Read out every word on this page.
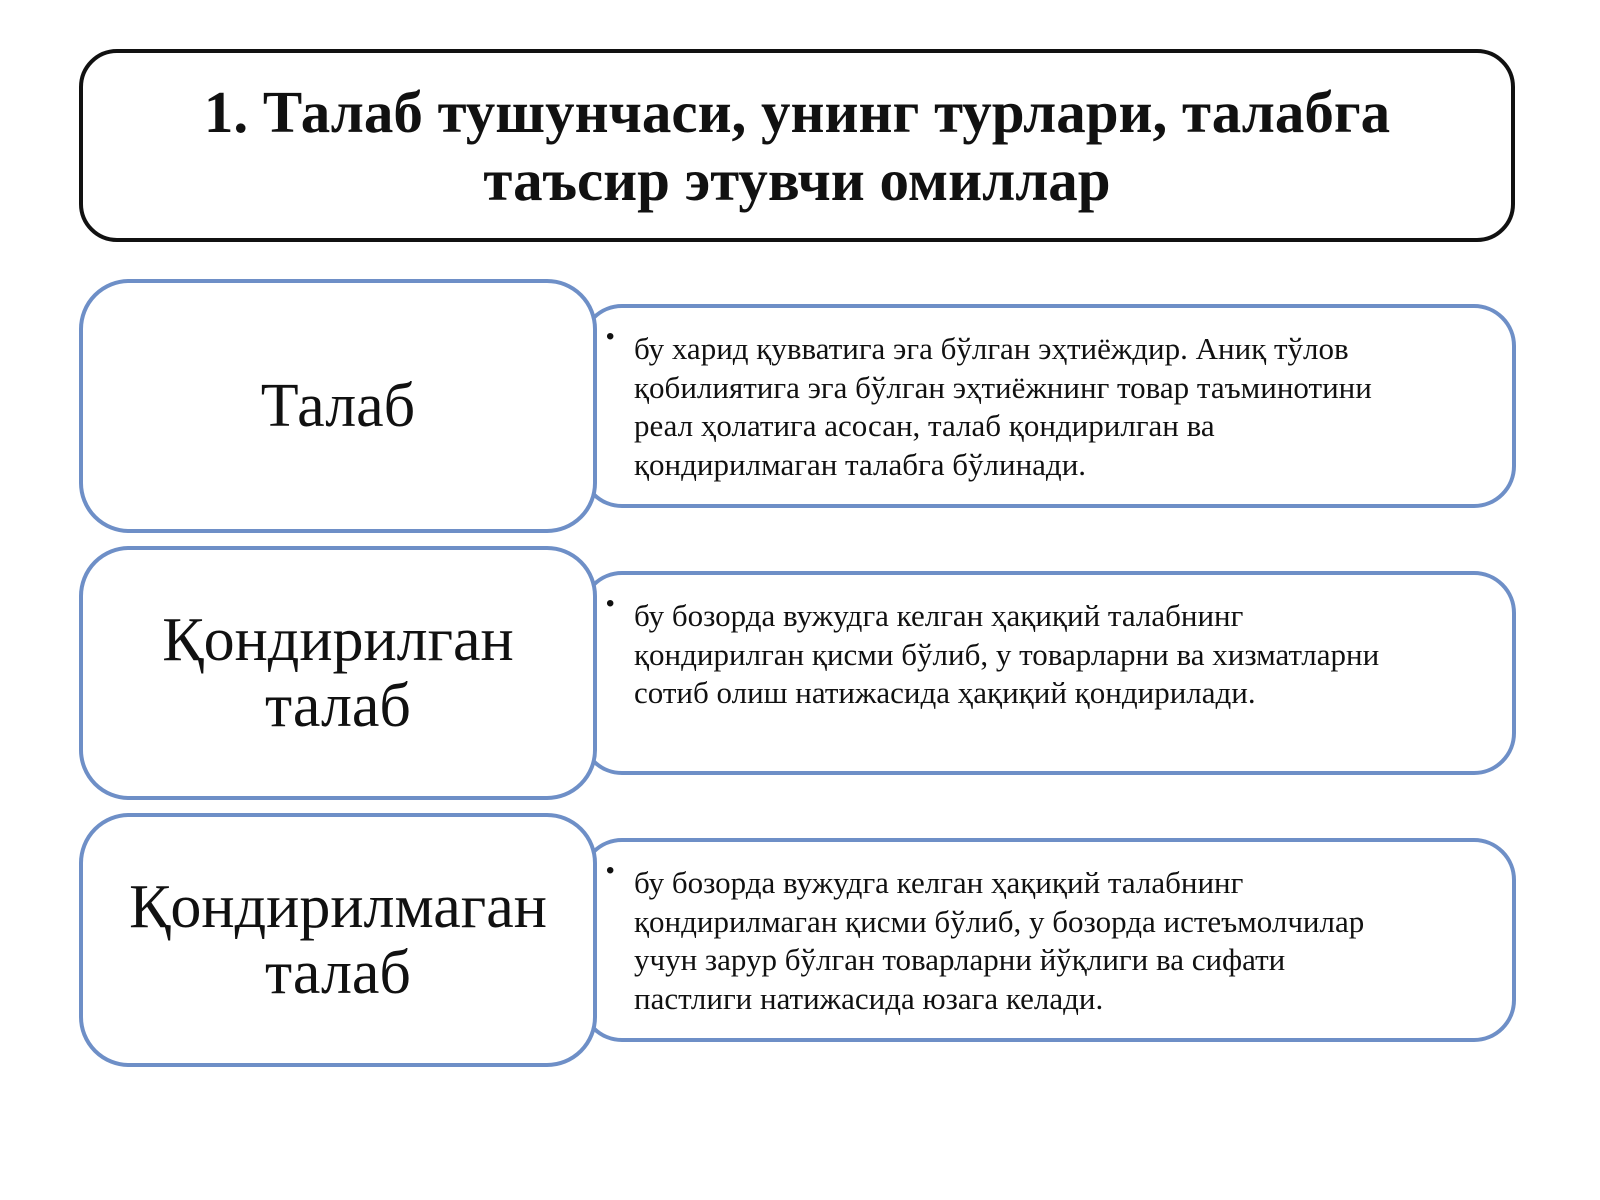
1. Талаб тушунчаси, унинг турлари, талабга таъсир этувчи омиллар
• бу харид қувватига эга бўлган эҳтиёждир. Аниқ тўлов
қобилиятига эга бўлган эҳтиёжнинг товар таъминотини
реал ҳолатига асосан, талаб қондирилган ва
қондирилмаган талабга бўлинади.
Талаб
• бу бозорда вужудга келган ҳақиқий талабнинг
қондирилган қисми бўлиб, у товарларни ва хизматларни
сотиб олиш натижасида ҳақиқий қондирилади.
Қондирилган
талаб
• бу бозорда вужудга келган ҳақиқий талабнинг
қондирилмаган қисми бўлиб, у бозорда истеъмолчилар
учун зарур бўлган товарларни йўқлиги ва сифати
пастлиги натижасида юзага келади.
Қондирилмаган
талаб
